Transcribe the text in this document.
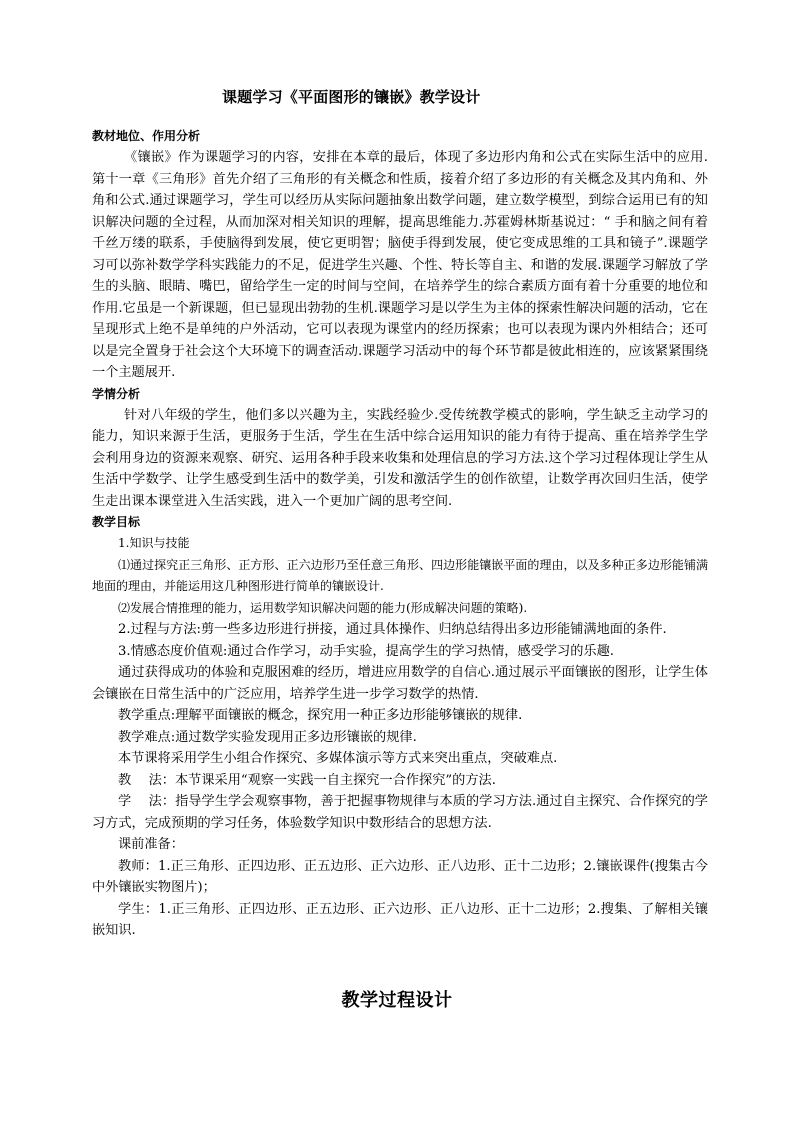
课题学习《平面图形的镶嵌》教学设计
教材地位、作用分析

《镶嵌》作为课题学习的内容，安排在本章的最后，体现了多边形内角和公式在实际生活中的应用.第十一章《三角形》首先介绍了三角形的有关概念和性质，接着介绍了多边形的有关概念及其内角和、外角和公式.通过课题学习，学生可以经历从实际问题抽象出数学问题，建立数学模型，到综合运用已有的知识解决问题的全过程，从而加深对相关知识的理解，提高思维能力.苏霍姆林斯基说过：“ 手和脑之间有着千丝万缕的联系，手使脑得到发展，使它更明智；脑使手得到发展，使它变成思维的工具和镜子”.课题学习可以弥补数学学科实践能力的不足，促进学生兴趣、个性、特长等自主、和谐的发展.课题学习解放了学生的头脑、眼睛、嘴巴，留给学生一定的时间与空间，在培养学生的综合素质方面有着十分重要的地位和作用.它虽是一个新课题，但已显现出勃勃的生机.课题学习是以学生为主体的探索性解决问题的活动，它在呈现形式上绝不是单纯的户外活动，它可以表现为课堂内的经历探索；也可以表现为课内外相结合；还可以是完全置身于社会这个大环境下的调查活动.课题学习活动中的每个环节都是彼此相连的，应该紧紧围绕一个主题展开.

学情分析

针对八年级的学生，他们多以兴趣为主，实践经验少.受传统教学模式的影响，学生缺乏主动学习的能力，知识来源于生活，更服务于生活，学生在生活中综合运用知识的能力有待于提高、重在培养学生学会利用身边的资源来观察、研究、运用各种手段来收集和处理信息的学习方法.这个学习过程体现让学生从生活中学数学、让学生感受到生活中的数学美，引发和激活学生的创作欲望，让数学再次回归生活，使学生走出课本课堂进入生活实践，进入一个更加广阔的思考空间.

教学目标

1.知识与技能

⑴通过探究正三角形、正方形、正六边形乃至任意三角形、四边形能镶嵌平面的理由，以及多种正多边形能铺满地面的理由，并能运用这几种图形进行简单的镶嵌设计.

⑵发展合情推理的能力，运用数学知识解决问题的能力(形成解决问题的策略).

2.过程与方法:剪一些多边形进行拼接，通过具体操作、归纳总结得出多边形能铺满地面的条件.

3.情感态度价值观:通过合作学习，动手实验，提高学生的学习热情，感受学习的乐趣.

通过获得成功的体验和克服困难的经历，增进应用数学的自信心.通过展示平面镶嵌的图形，让学生体会镶嵌在日常生活中的广泛应用，培养学生进一步学习数学的热情.

教学重点:理解平面镶嵌的概念，探究用一种正多边形能够镶嵌的规律.

教学难点:通过数学实验发现用正多边形镶嵌的规律.

本节课将采用学生小组合作探究、多媒体演示等方式来突出重点，突破难点.

教　 法：本节课采用“观察一实践一自主探究一合作探究”的方法.

学　 法：指导学生学会观察事物，善于把握事物规律与本质的学习方法.通过自主探究、合作探究的学习方式，完成预期的学习任务，体验数学知识中数形结合的思想方法.

课前准备：

教师：1.正三角形、正四边形、正五边形、正六边形、正八边形、正十二边形；2.镶嵌课件(搜集古今中外镶嵌实物图片)；

学生：1.正三角形、正四边形、正五边形、正六边形、正八边形、正十二边形；2.搜集、了解相关镶嵌知识.

教学过程设计
